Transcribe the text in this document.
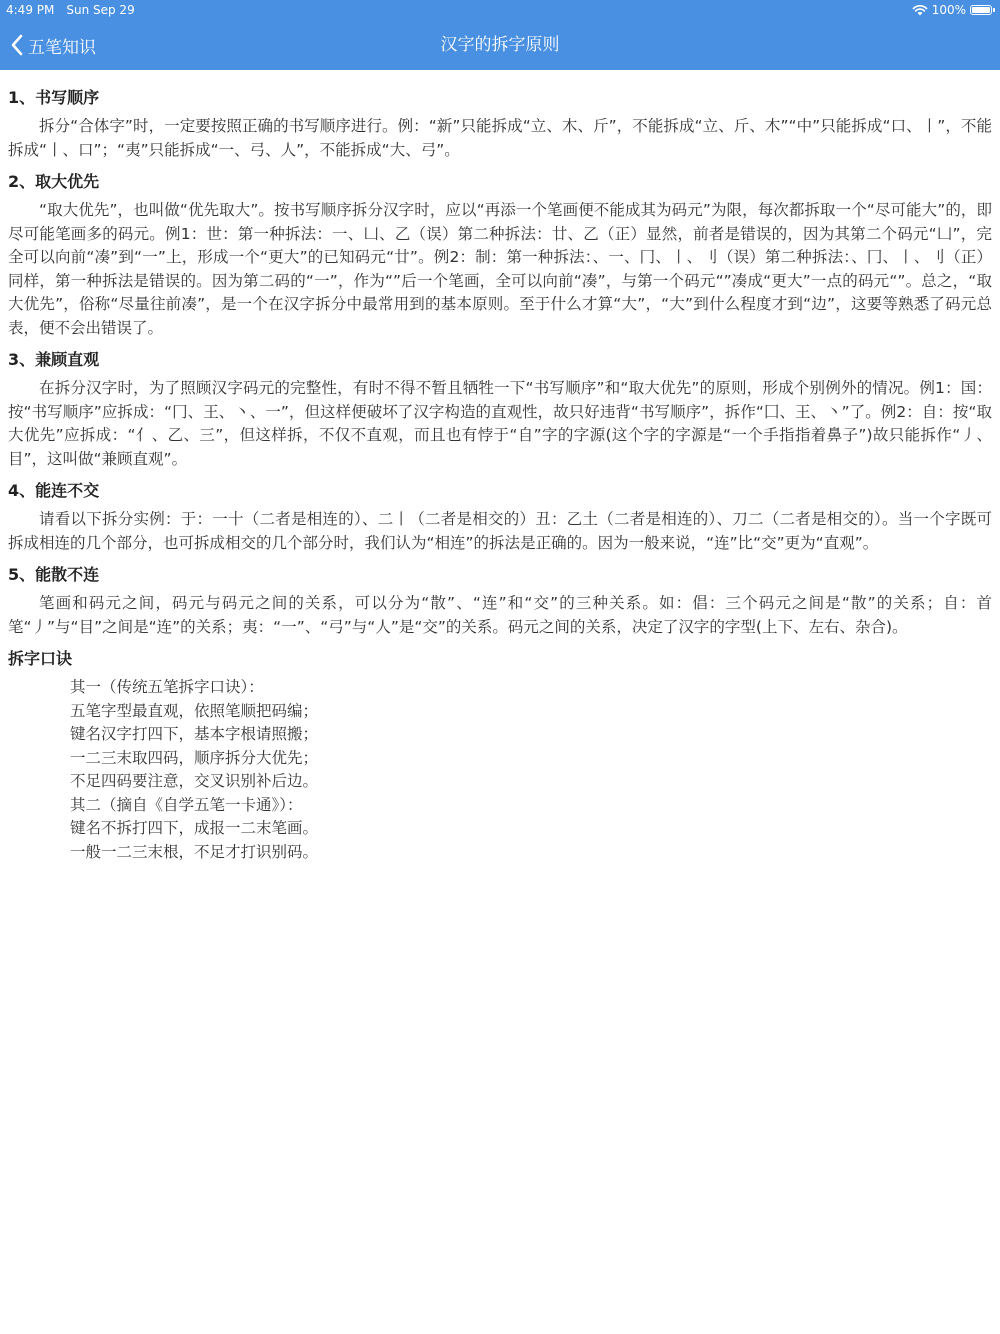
4:49 PM Sun Sep 29	100%
五笔知识	汉字的拆字原则
1、书写顺序

拆分“合体字”时，一定要按照正确的书写顺序进行。例：“新”只能拆成“立、木、斤”，不能拆成“立、斤、木”“中”只能拆成“口、丨”，不能拆成“丨、口”；“夷”只能拆成“一、弓、人”，不能拆成“大、弓”。

2、取大优先

“取大优先”，也叫做“优先取大”。按书写顺序拆分汉字时，应以“再添一个笔画便不能成其为码元”为限，每次都拆取一个“尽可能大”的，即尽可能笔画多的码元。例1：世：第一种拆法：一、凵、乙（误）第二种拆法：廿、乙（正）显然，前者是错误的，因为其第二个码元“凵”，完全可以向前“凑”到“一”上，形成一个“更大”的已知码元“廿”。例2：制：第一种拆法：、一、冂、丨、刂（误）第二种拆法：、冂、丨、刂（正）同样，第一种拆法是错误的。因为第二码的“一”，作为“”后一个笔画，全可以向前“凑”，与第一个码元“”凑成“更大”一点的码元“”。总之，“取大优先”，俗称“尽量往前凑”，是一个在汉字拆分中最常用到的基本原则。至于什么才算“大”，“大”到什么程度才到“边”，这要等熟悉了码元总表，便不会出错误了。

3、兼顾直观

在拆分汉字时，为了照顾汉字码元的完整性，有时不得不暂且牺牲一下“书写顺序”和“取大优先”的原则，形成个别例外的情况。例1：国：按“书写顺序”应拆成：“冂、王、丶、一”，但这样便破坏了汉字构造的直观性，故只好违背“书写顺序”，拆作“囗、王、丶”了。例2：自：按“取大优先”应拆成：“亻、乙、三”，但这样拆，不仅不直观，而且也有悖于“自”字的字源(这个字的字源是“一个手指指着鼻子”)故只能拆作“丿、目”，这叫做“兼顾直观”。

4、能连不交

请看以下拆分实例：于：一十（二者是相连的）、二丨（二者是相交的）丑：乙土（二者是相连的）、刀二（二者是相交的）。当一个字既可拆成相连的几个部分，也可拆成相交的几个部分时，我们认为“相连”的拆法是正确的。因为一般来说，“连”比“交”更为“直观”。

5、能散不连

笔画和码元之间，码元与码元之间的关系，可以分为“散”、“连”和“交”的三种关系。如：倡：三个码元之间是“散”的关系；自：首笔“丿”与“目”之间是“连”的关系；夷：“一”、“弓”与“人”是“交”的关系。码元之间的关系，决定了汉字的字型(上下、左右、杂合)。

拆字口诀

其一（传统五笔拆字口诀）：

五笔字型最直观，依照笔顺把码编；

键名汉字打四下，基本字根请照搬；

一二三末取四码，顺序拆分大优先；

不足四码要注意，交叉识别补后边。

其二（摘自《自学五笔一卡通》）：

键名不拆打四下，成报一二末笔画。

一般一二三末根，不足才打识别码。
